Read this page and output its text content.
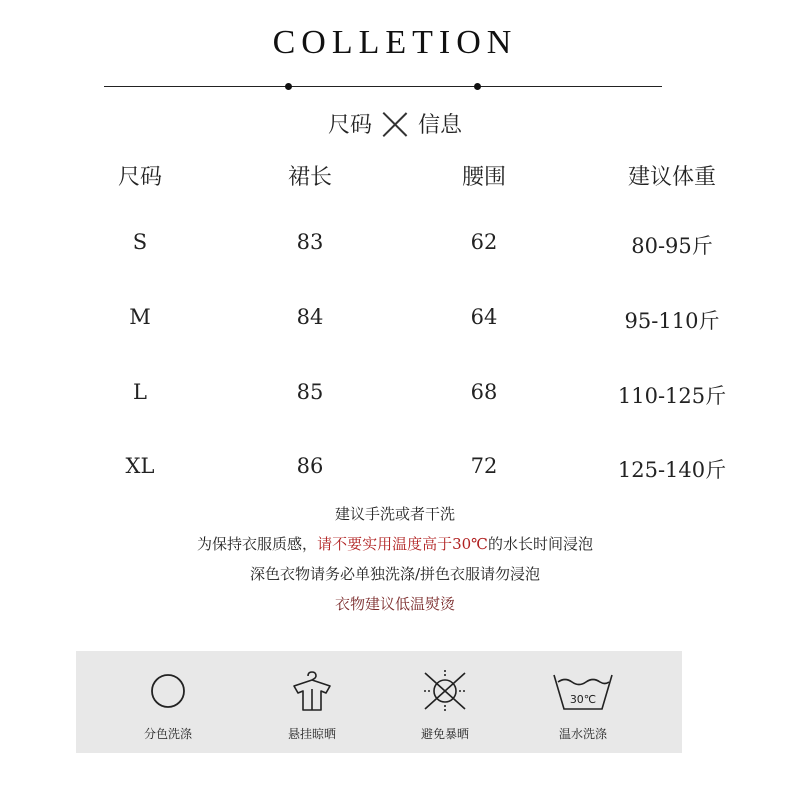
COLLETION
尺码 信息
尺码	裙长	腰围	建议体重
S	83	62	80-95斤
M	84	64	95-110斤
L	85	68	110-125斤
XL	86	72	125-140斤
建议手洗或者干洗
为保持衣服质感，请不要实用温度高于30℃的水长时间浸泡
深色衣物请务必单独洗涤/拼色衣服请勿浸泡
衣物建议低温熨烫
分色洗涤	悬挂晾晒	避免暴晒
30℃
温水洗涤
